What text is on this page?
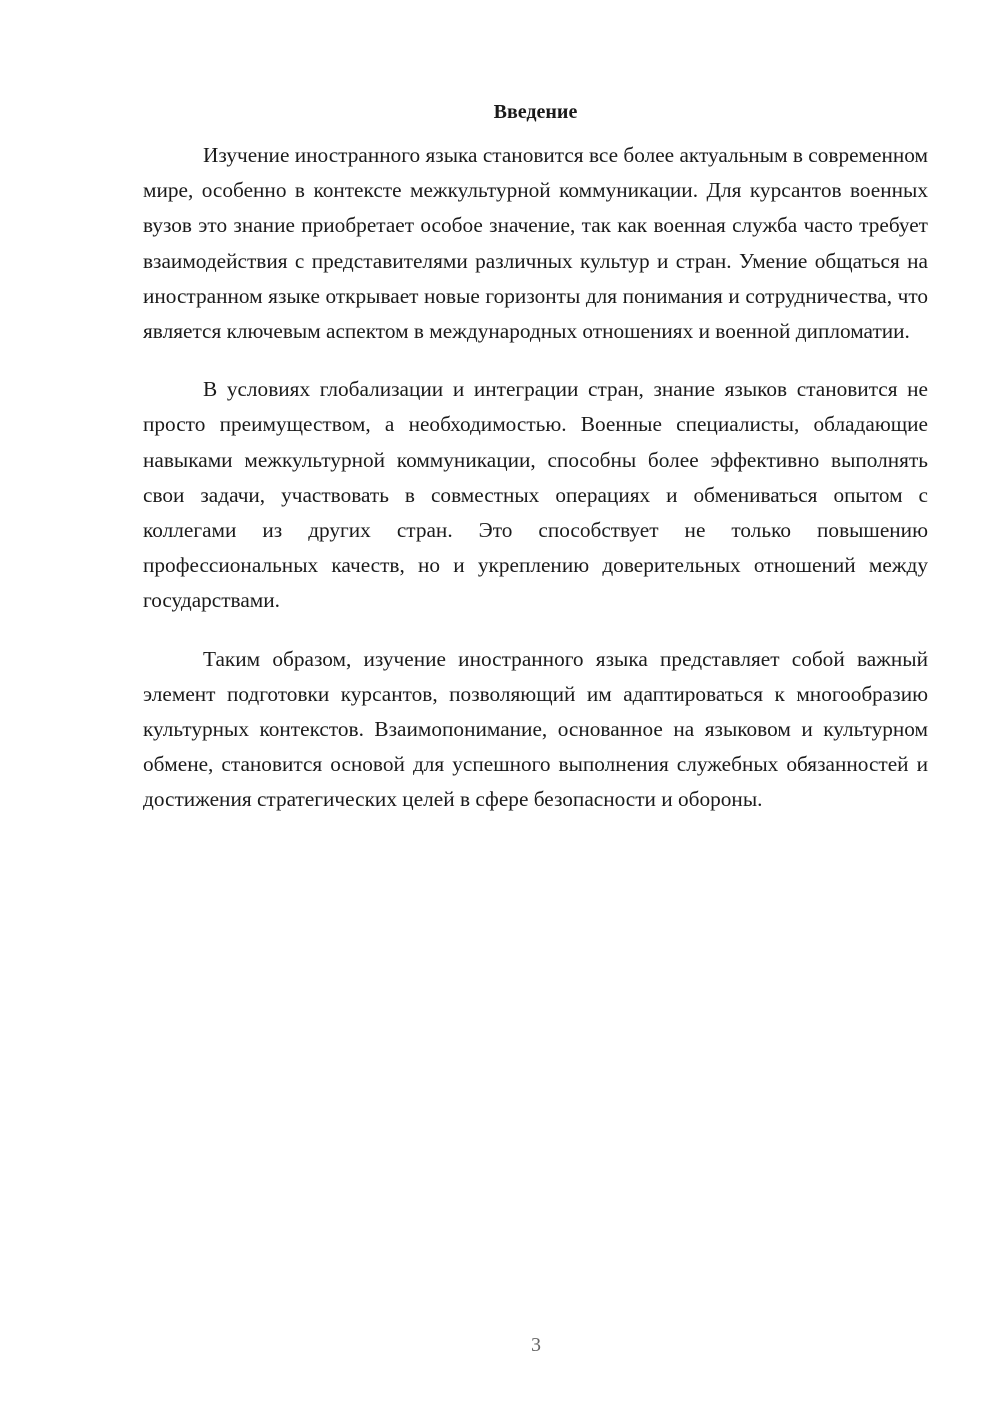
Введение

Изучение иностранного языка становится все более актуальным в современном мире, особенно в контексте межкультурной коммуникации. Для курсантов военных вузов это знание приобретает особое значение, так как военная служба часто требует взаимодействия с представителями различных культур и стран. Умение общаться на иностранном языке открывает новые горизонты для понимания и сотрудничества, что является ключевым аспектом в международных отношениях и военной дипломатии.

В условиях глобализации и интеграции стран, знание языков становится не просто преимуществом, а необходимостью. Военные специалисты, обладающие навыками межкультурной коммуникации, способны более эффективно выполнять свои задачи, участвовать в совместных операциях и обмениваться опытом с коллегами из других стран. Это способствует не только повышению профессиональных качеств, но и укреплению доверительных отношений между государствами.

Таким образом, изучение иностранного языка представляет собой важный элемент подготовки курсантов, позволяющий им адаптироваться к многообразию культурных контекстов. Взаимопонимание, основанное на языковом и культурном обмене, становится основой для успешного выполнения служебных обязанностей и достижения стратегических целей в сфере безопасности и обороны.

3
